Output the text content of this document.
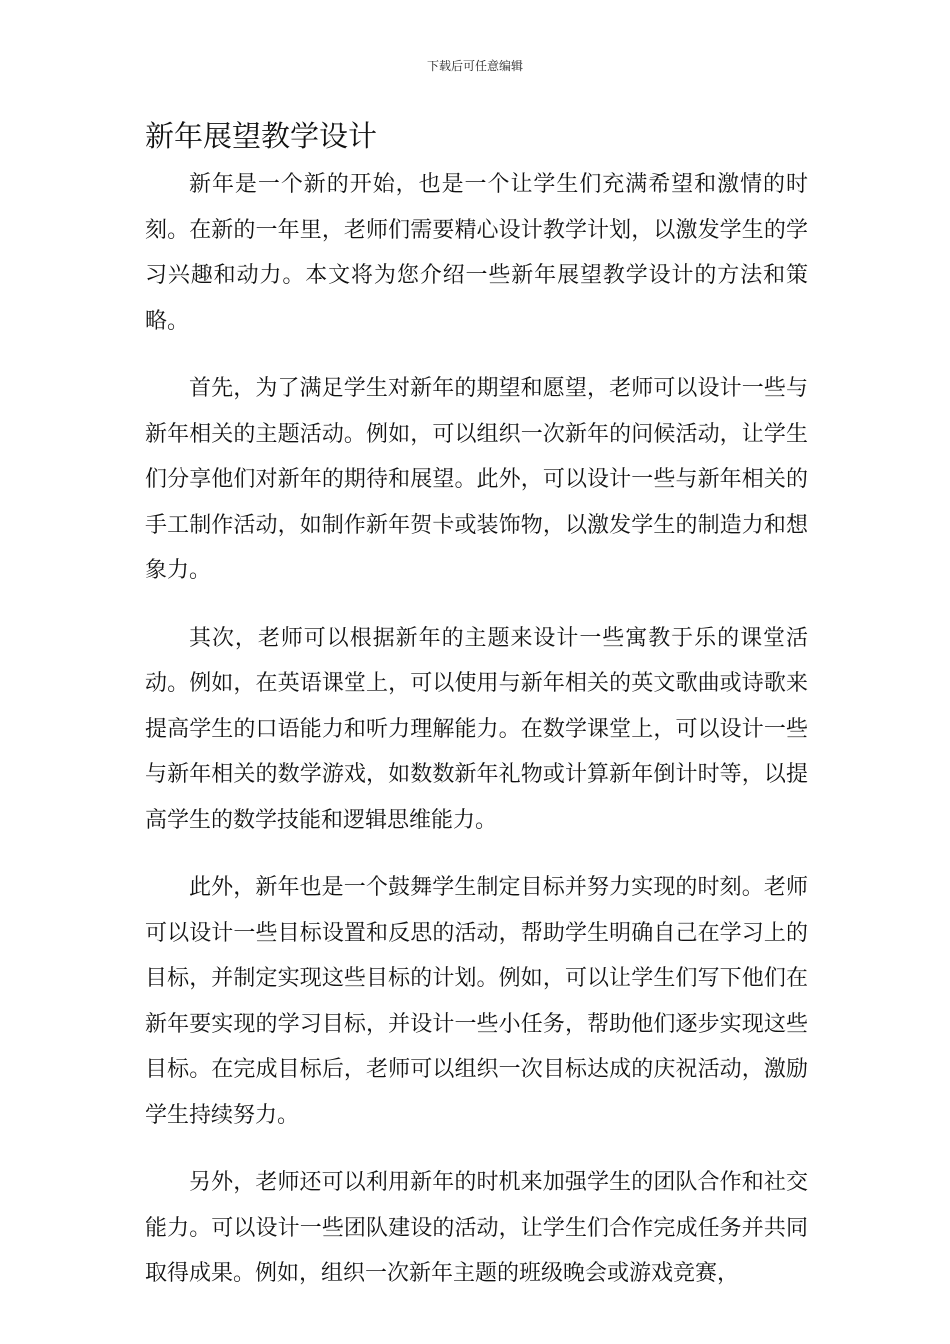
下载后可任意编辑
新年展望教学设计

新年是一个新的开始，也是一个让学生们充满希望和激情的时刻。在新的一年里，老师们需要精心设计教学计划，以激发学生的学习兴趣和动力。本文将为您介绍一些新年展望教学设计的方法和策略。

首先，为了满足学生对新年的期望和愿望，老师可以设计一些与新年相关的主题活动。例如，可以组织一次新年的问候活动，让学生们分享他们对新年的期待和展望。此外，可以设计一些与新年相关的手工制作活动，如制作新年贺卡或装饰物，以激发学生的制造力和想象力。

其次，老师可以根据新年的主题来设计一些寓教于乐的课堂活动。例如，在英语课堂上，可以使用与新年相关的英文歌曲或诗歌来提高学生的口语能力和听力理解能力。在数学课堂上，可以设计一些与新年相关的数学游戏，如数数新年礼物或计算新年倒计时等，以提高学生的数学技能和逻辑思维能力。

此外，新年也是一个鼓舞学生制定目标并努力实现的时刻。老师可以设计一些目标设置和反思的活动，帮助学生明确自己在学习上的目标，并制定实现这些目标的计划。例如，可以让学生们写下他们在新年要实现的学习目标，并设计一些小任务，帮助他们逐步实现这些目标。在完成目标后，老师可以组织一次目标达成的庆祝活动，激励学生持续努力。

另外，老师还可以利用新年的时机来加强学生的团队合作和社交能力。可以设计一些团队建设的活动，让学生们合作完成任务并共同取得成果。例如，组织一次新年主题的班级晚会或游戏竞赛，
